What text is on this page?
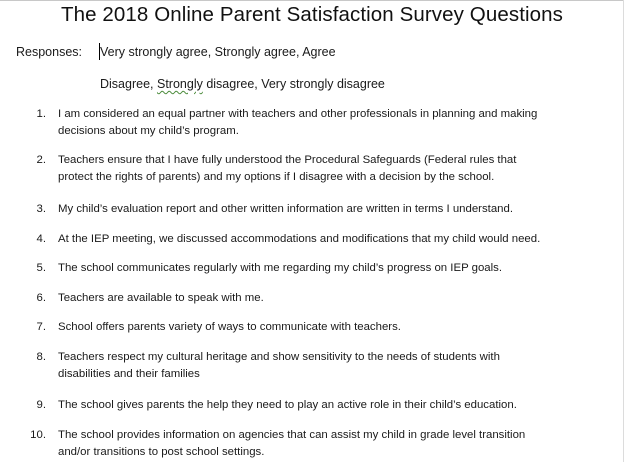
The 2018 Online Parent Satisfaction Survey Questions
Responses: Very strongly agree, Strongly agree, Agree
Disagree, Strongly disagree, Very strongly disagree
1. I am considered an equal partner with teachers and other professionals in planning and making
decisions about my child’s program.
2. Teachers ensure that I have fully understood the Procedural Safeguards (Federal rules that
protect the rights of parents) and my options if I disagree with a decision by the school.
3. My child’s evaluation report and other written information are written in terms I understand.
4. At the IEP meeting, we discussed accommodations and modifications that my child would need.
5. The school communicates regularly with me regarding my child’s progress on IEP goals.
6. Teachers are available to speak with me.
7. School offers parents variety of ways to communicate with teachers.
8. Teachers respect my cultural heritage and show sensitivity to the needs of students with
disabilities and their families
9. The school gives parents the help they need to play an active role in their child’s education.
10. The school provides information on agencies that can assist my child in grade level transition
and/or transitions to post school settings.
